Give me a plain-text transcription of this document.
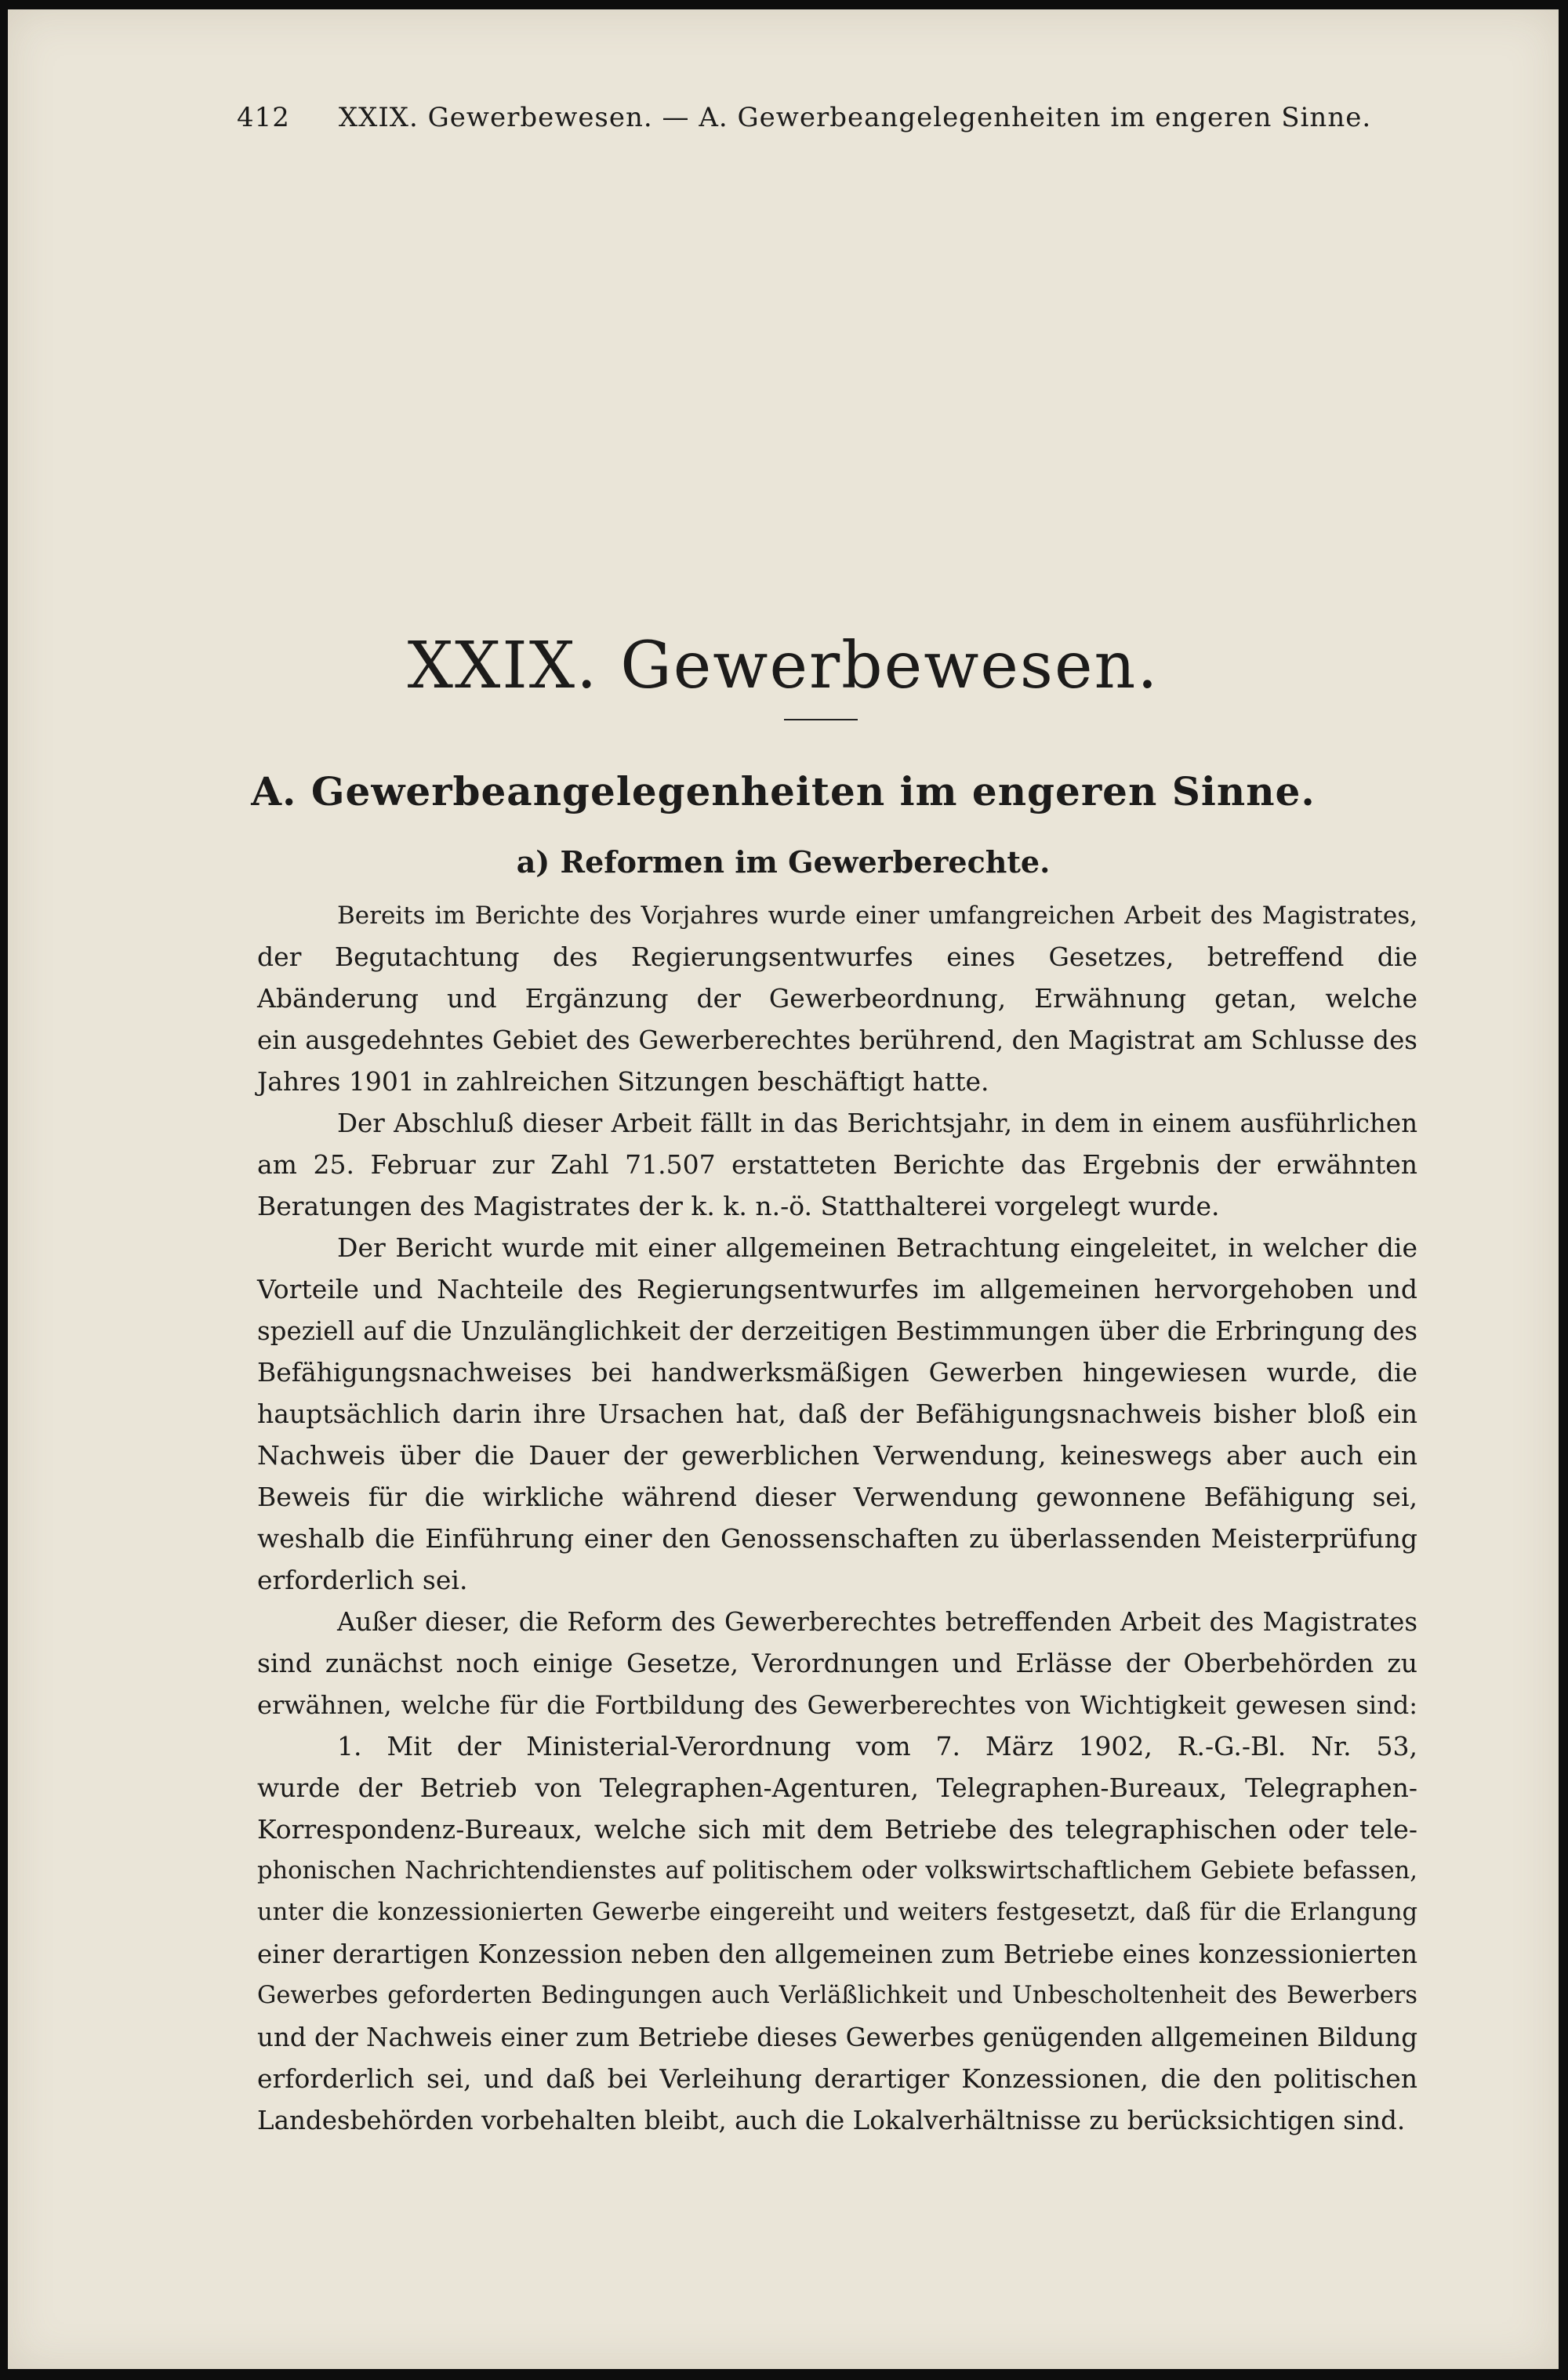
412 XXIX. Gewerbewesen. — A. Gewerbeangelegenheiten im engeren Sinne.
XXIX. Gewerbewesen.
A. Gewerbeangelegenheiten im engeren Sinne.
a) Reformen im Gewerberechte.
Bereits im Berichte des Vorjahres wurde einer umfangreichen Arbeit des Magistrates,
der Begutachtung des Regierungsentwurfes eines Gesetzes, betreffend die
Abänderung und Ergänzung der Gewerbeordnung, Erwähnung getan, welche
ein ausgedehntes Gebiet des Gewerberechtes berührend, den Magistrat am Schlusse des
Jahres 1901 in zahlreichen Sitzungen beschäftigt hatte.
Der Abschluß dieser Arbeit fällt in das Berichtsjahr, in dem in einem ausführlichen
am 25. Februar zur Zahl 71.507 erstatteten Berichte das Ergebnis der erwähnten
Beratungen des Magistrates der k. k. n.-ö. Statthalterei vorgelegt wurde.
Der Bericht wurde mit einer allgemeinen Betrachtung eingeleitet, in welcher die
Vorteile und Nachteile des Regierungsentwurfes im allgemeinen hervorgehoben und
speziell auf die Unzulänglichkeit der derzeitigen Bestimmungen über die Erbringung des
Befähigungsnachweises bei handwerksmäßigen Gewerben hingewiesen wurde, die
hauptsächlich darin ihre Ursachen hat, daß der Befähigungsnachweis bisher bloß ein
Nachweis über die Dauer der gewerblichen Verwendung, keineswegs aber auch ein
Beweis für die wirkliche während dieser Verwendung gewonnene Befähigung sei,
weshalb die Einführung einer den Genossenschaften zu überlassenden Meisterprüfung
erforderlich sei.
Außer dieser, die Reform des Gewerberechtes betreffenden Arbeit des Magistrates
sind zunächst noch einige Gesetze, Verordnungen und Erlässe der Oberbehörden zu
erwähnen, welche für die Fortbildung des Gewerberechtes von Wichtigkeit gewesen sind:
1. Mit der Ministerial-Verordnung vom 7. März 1902, R.-G.-Bl. Nr. 53,
wurde der Betrieb von Telegraphen-Agenturen, Telegraphen-Bureaux, Telegraphen-
Korrespondenz-Bureaux, welche sich mit dem Betriebe des telegraphischen oder tele-
phonischen Nachrichtendienstes auf politischem oder volkswirtschaftlichem Gebiete befassen,
unter die konzessionierten Gewerbe eingereiht und weiters festgesetzt, daß für die Erlangung
einer derartigen Konzession neben den allgemeinen zum Betriebe eines konzessionierten
Gewerbes geforderten Bedingungen auch Verläßlichkeit und Unbescholtenheit des Bewerbers
und der Nachweis einer zum Betriebe dieses Gewerbes genügenden allgemeinen Bildung
erforderlich sei, und daß bei Verleihung derartiger Konzessionen, die den politischen
Landesbehörden vorbehalten bleibt, auch die Lokalverhältnisse zu berücksichtigen sind.
